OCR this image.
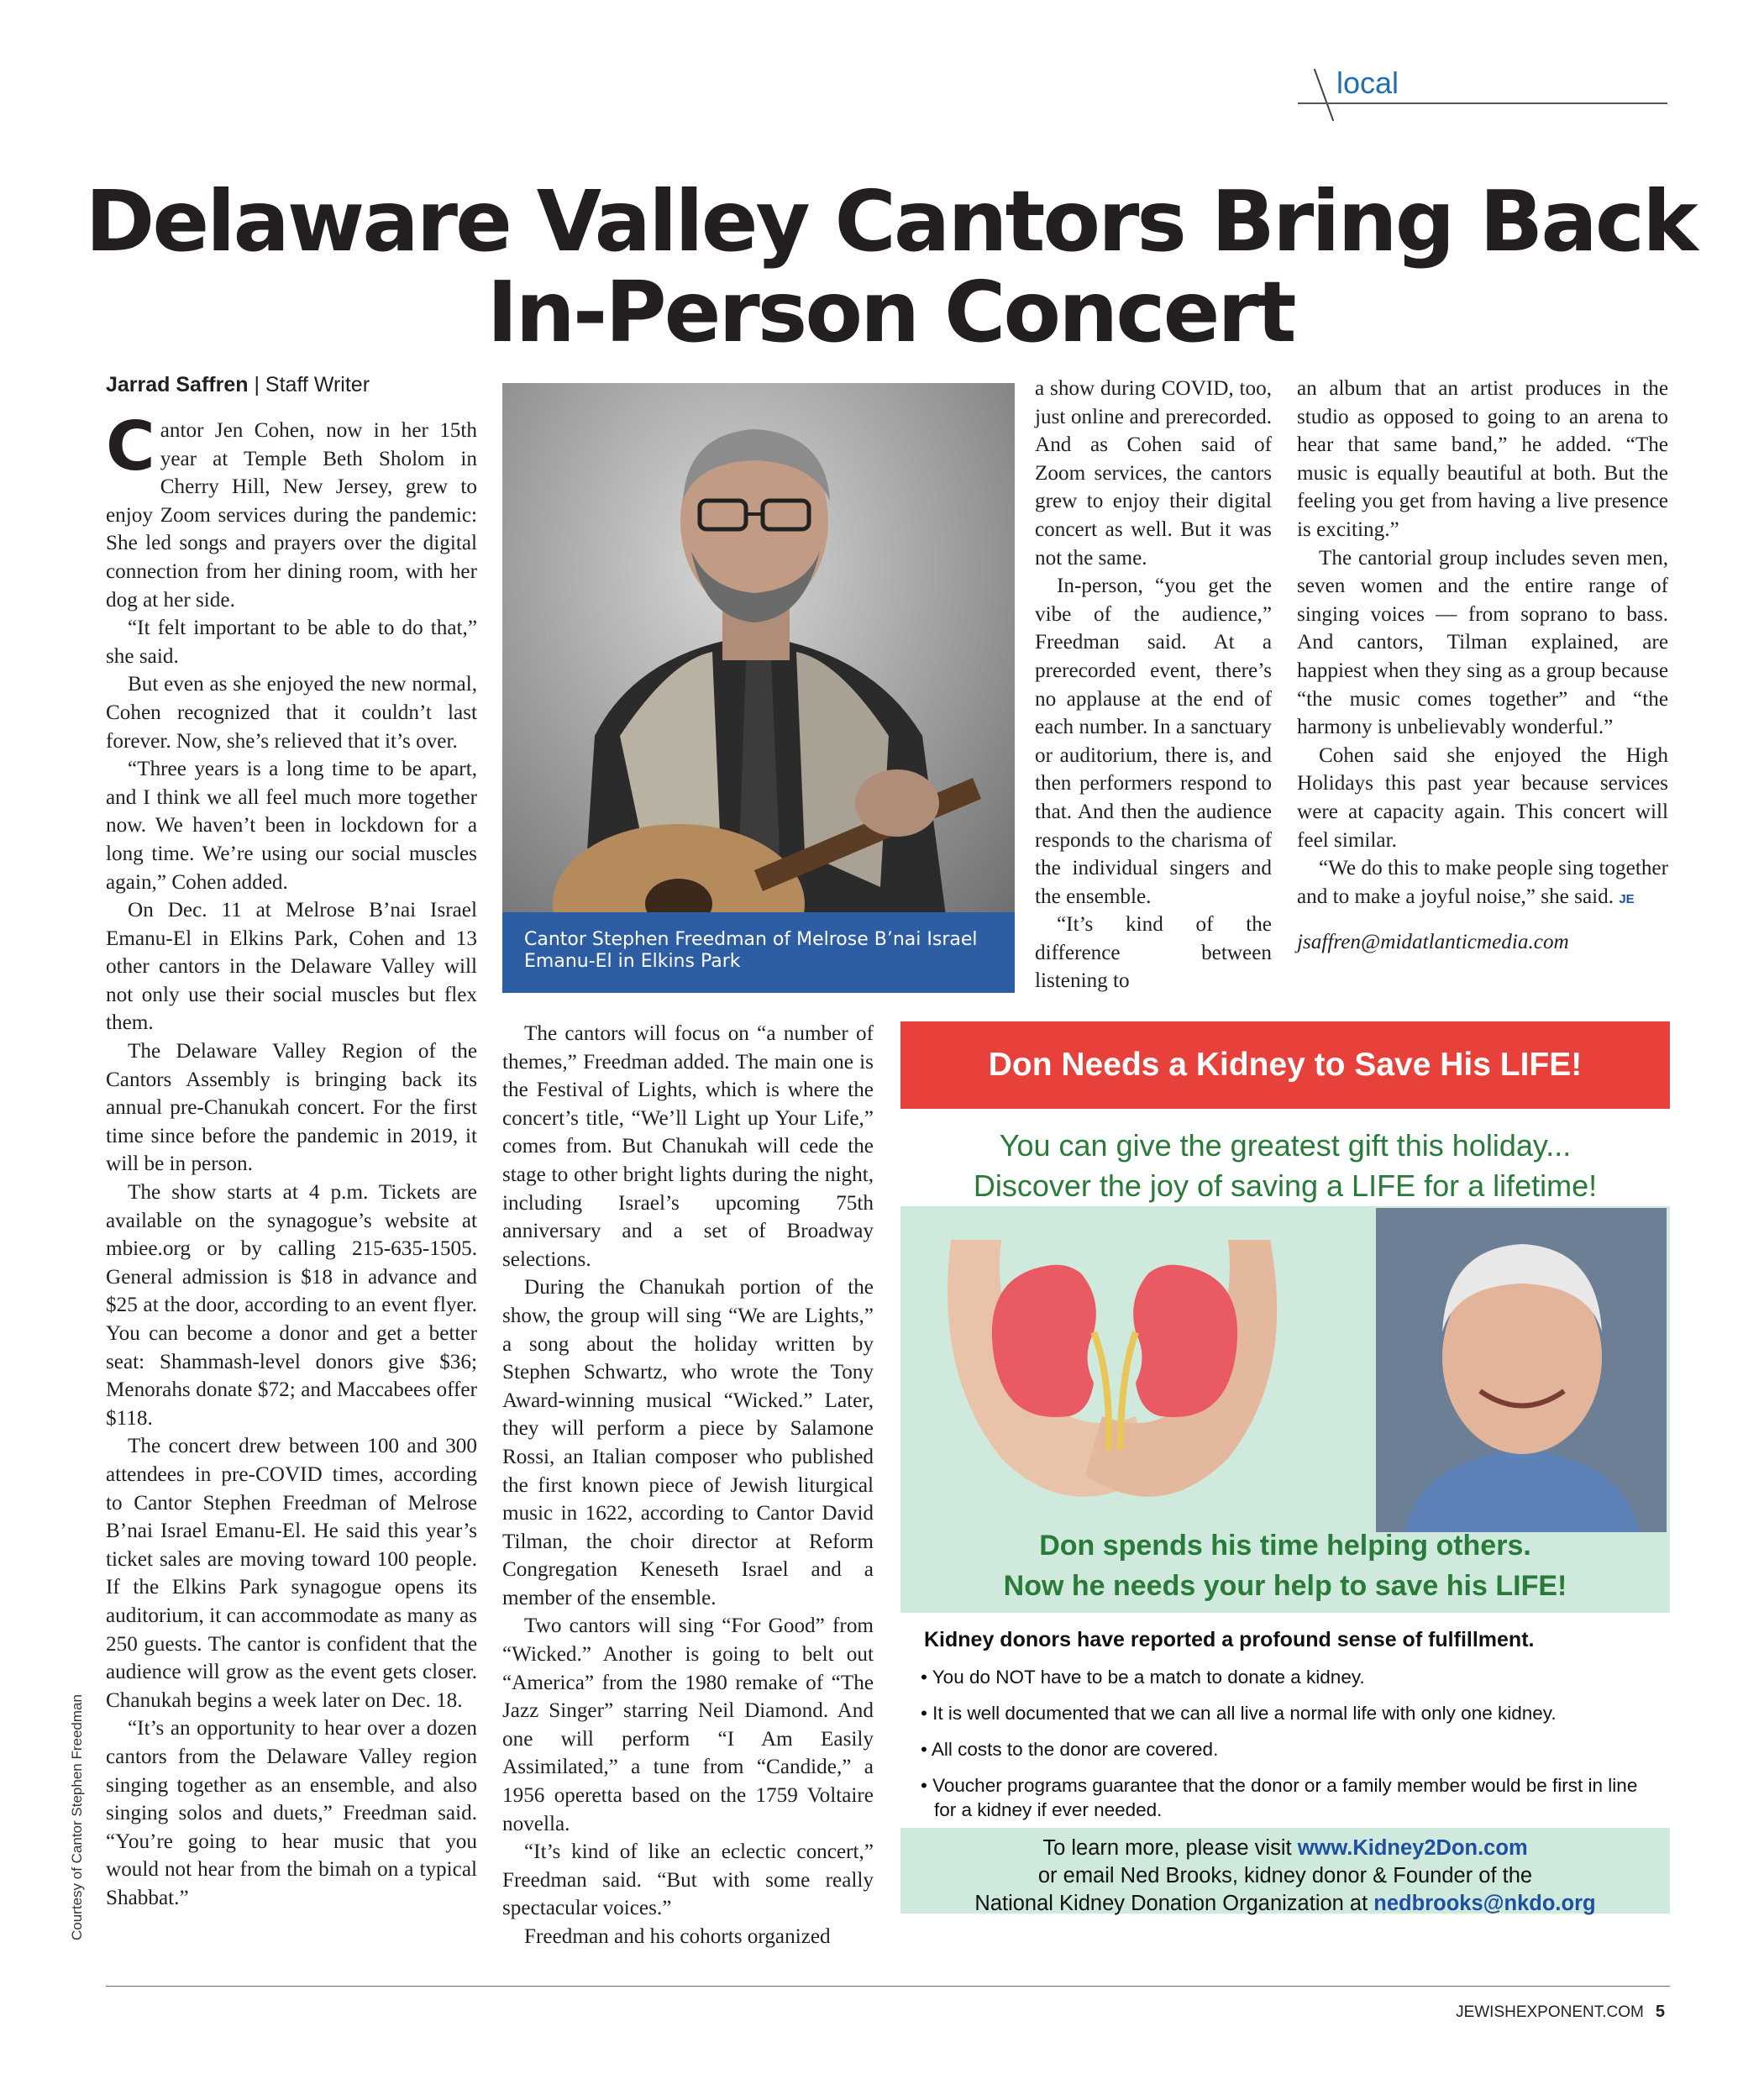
local
Delaware Valley Cantors Bring Back
In-Person Concert
Jarrad Saffren | Staff Writer

Cantor Jen Cohen, now in her 15th year at Temple Beth Sholom in Cherry Hill, New Jersey, grew to enjoy Zoom services during the pandemic: She led songs and prayers over the digital connection from her dining room, with her dog at her side.

“It felt important to be able to do that,” she said.

But even as she enjoyed the new normal, Cohen recognized that it couldn’t last forever. Now, she’s relieved that it’s over.

“Three years is a long time to be apart, and I think we all feel much more together now. We haven’t been in lockdown for a long time. We’re using our social muscles again,” Cohen added.

On Dec. 11 at Melrose B’nai Israel Emanu-El in Elkins Park, Cohen and 13 other cantors in the Delaware Valley will not only use their social muscles but flex them.

The Delaware Valley Region of the Cantors Assembly is bringing back its annual pre-Chanukah concert. For the first time since before the pandemic in 2019, it will be in person.

The show starts at 4 p.m. Tickets are available on the synagogue’s website at mbiee.org or by calling 215-635-1505. General admission is $18 in advance and $25 at the door, according to an event flyer. You can become a donor and get a better seat: Shammash-level donors give $36; Menorahs donate $72; and Maccabees offer $118.

The concert drew between 100 and 300 attendees in pre-COVID times, according to Cantor Stephen Freedman of Melrose B’nai Israel Emanu-El. He said this year’s ticket sales are moving toward 100 people. If the Elkins Park synagogue opens its auditorium, it can accommodate as many as 250 guests. The cantor is confident that the audience will grow as the event gets closer. Chanukah begins a week later on Dec. 18.

“It’s an opportunity to hear over a dozen cantors from the Delaware Valley region singing together as an ensemble, and also singing solos and duets,” Freedman said. “You’re going to hear music that you would not hear from the bimah on a typical Shabbat.”

Cantor Stephen Freedman of Melrose B’nai Israel
Emanu-El in Elkins Park
Courtesy of Cantor Stephen Freedman

The cantors will focus on “a number of themes,” Freedman added. The main one is the Festival of Lights, which is where the concert’s title, “We’ll Light up Your Life,” comes from. But Chanukah will cede the stage to other bright lights during the night, including Israel’s upcoming 75th anniversary and a set of Broadway selections.

During the Chanukah portion of the show, the group will sing “We are Lights,” a song about the holiday written by Stephen Schwartz, who wrote the Tony Award-winning musical “Wicked.” Later, they will perform a piece by Salamone Rossi, an Italian composer who published the first known piece of Jewish liturgical music in 1622, according to Cantor David Tilman, the choir director at Reform Congregation Keneseth Israel and a member of the ensemble.

Two cantors will sing “For Good” from “Wicked.” Another is going to belt out “America” from the 1980 remake of “The Jazz Singer” starring Neil Diamond. And one will perform “I Am Easily Assimilated,” a tune from “Candide,” a 1956 operetta based on the 1759 Voltaire novella.

“It’s kind of like an eclectic concert,” Freedman said. “But with some really spectacular voices.”

Freedman and his cohorts organized

a show during COVID, too, just online and prerecorded. And as Cohen said of Zoom services, the cantors grew to enjoy their digital concert as well. But it was not the same.

In-person, “you get the vibe of the audience,” Freedman said. At a prerecorded event, there’s no applause at the end of each number. In a sanctuary or auditorium, there is, and then performers respond to that. And then the audience responds to the charisma of the individual singers and the ensemble.

“It’s kind of the difference between listening to

an album that an artist produces in the studio as opposed to going to an arena to hear that same band,” he added. “The music is equally beautiful at both. But the feeling you get from having a live presence is exciting.”

The cantorial group includes seven men, seven women and the entire range of singing voices — from soprano to bass. And cantors, Tilman explained, are happiest when they sing as a group because “the music comes together” and “the harmony is unbelievably wonderful.”

Cohen said she enjoyed the High Holidays this past year because services were at capacity again. This concert will feel similar.

“We do this to make people sing together and to make a joyful noise,” she said. JE

jsaffren@midatlanticmedia.com

Don Needs a Kidney to Save His LIFE!
You can give the greatest gift this holiday...
Discover the joy of saving a LIFE for a lifetime!
Don spends his time helping others.
Now he needs your help to save his LIFE!
Kidney donors have reported a profound sense of fulfillment.
• You do NOT have to be a match to donate a kidney.
• It is well documented that we can all live a normal life with only one kidney.
• All costs to the donor are covered.
• Voucher programs guarantee that the donor or a family member would be first in line for a kidney if ever needed.
To learn more, please visit www.Kidney2Don.com
or email Ned Brooks, kidney donor & Founder of the
National Kidney Donation Organization at nedbrooks@nkdo.org
JEWISHEXPONENT.COM 5
